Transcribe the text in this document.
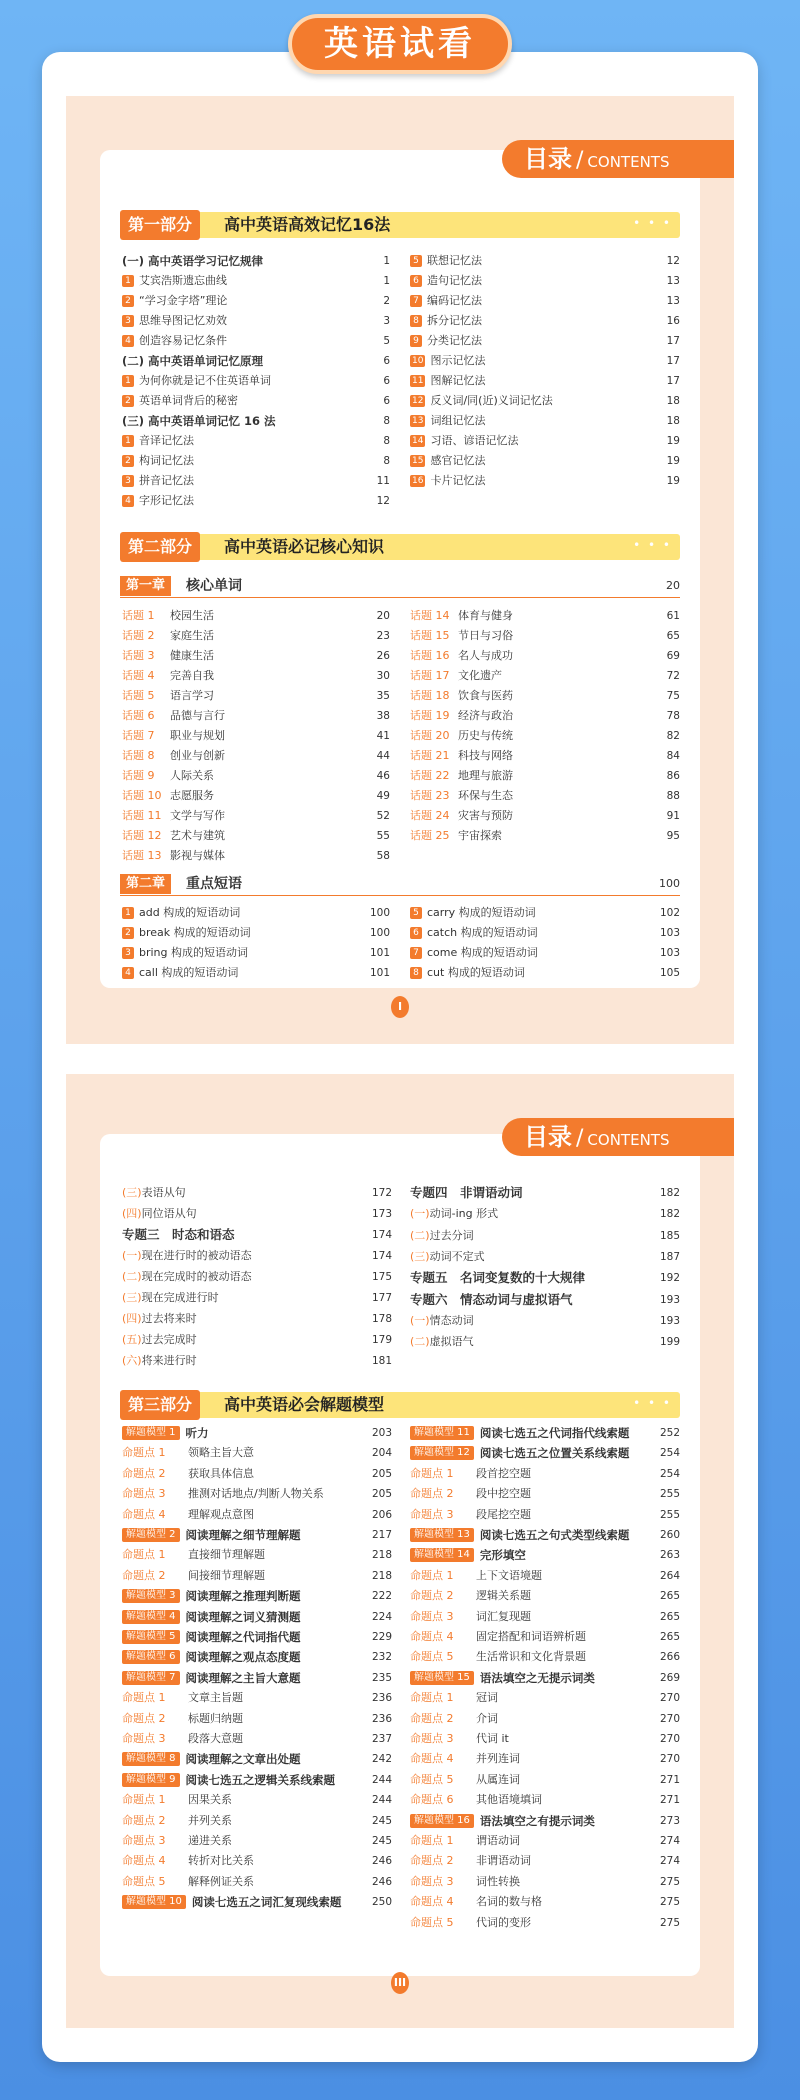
英语试看
目录 / CONTENTS
第一部分	高中英语高效记忆16法	• • •
(一) 高中英语学习记忆规律	1
1 艾宾浩斯遗忘曲线	1
2 “学习金字塔”理论	2
3 思维导图记忆劝效	3
4 创造容易记忆条件	5
(二) 高中英语单词记忆原理	6
1 为何你就是记不住英语单词	6
2 英语单词背后的秘密	6
(三) 高中英语单词记忆 16 法	8
1 音译记忆法	8
2 构词记忆法	8
3 拼音记忆法	11
4 字形记忆法	12
5 联想记忆法	12
6 造句记忆法	13
7 编码记忆法	13
8 拆分记忆法	16
9 分类记忆法	17
10 图示记忆法	17
11 图解记忆法	17
12 反义词/同(近)义词记忆法	18
13 词组记忆法	18
14 习语、谚语记忆法	19
15 感官记忆法	19
16 卡片记忆法	19
第二部分	高中英语必记核心知识	• • •
第一章	核心单词	20
话题 1	校园生活	20
话题 2	家庭生活	23
话题 3	健康生活	26
话题 4	完善自我	30
话题 5	语言学习	35
话题 6	品德与言行	38
话题 7	职业与规划	41
话题 8	创业与创新	44
话题 9	人际关系	46
话题 10 志愿服务	49
话题 11 文学与写作	52
话题 12 艺术与建筑	55
话题 13 影视与媒体	58
话题 14 体育与健身	61
话题 15 节日与习俗	65
话题 16 名人与成功	69
话题 17 文化遗产	72
话题 18 饮食与医药	75
话题 19 经济与政治	78
话题 20 历史与传统	82
话题 21 科技与网络	84
话题 22 地理与旅游	86
话题 23 环保与生态	88
话题 24 灾害与预防	91
话题 25 宇宙探索	95
第二章	重点短语	100
1 add 构成的短语动词	100
2 break 构成的短语动词	100
3 bring 构成的短语动词	101
4 call 构成的短语动词	101
5 carry 构成的短语动词	102
6 catch 构成的短语动词	103
7 come 构成的短语动词	103
8 cut 构成的短语动词	105
I
目录 / CONTENTS
(三) 表语从句	172
(四) 同位语从句	173
专题三　时态和语态	174
(一) 现在进行时的被动语态	174
(二) 现在完成时的被动语态	175
(三) 现在完成进行时	177
(四) 过去将来时	178
(五) 过去完成时	179
(六) 将来进行时	181
专题四　非谓语动词	182
(一) 动词-ing 形式	182
(二) 过去分词	185
(三) 动词不定式	187
专题五　名词变复数的十大规律	192
专题六　情态动词与虚拟语气	193
(一) 情态动词	193
(二) 虚拟语气	199
第三部分	高中英语必会解题模型	• • •
解题模型 1 听力	203
命题点 1	领略主旨大意	204
命题点 2	获取具体信息	205
命题点 3	推测对话地点/判断人物关系	205
命题点 4	理解观点意图	206
解题模型 2 阅读理解之细节理解题	217
命题点 1	直接细节理解题	218
命题点 2	间接细节理解题	218
解题模型 3 阅读理解之推理判断题	222
解题模型 4 阅读理解之词义猜测题	224
解题模型 5 阅读理解之代词指代题	229
解题模型 6 阅读理解之观点态度题	232
解题模型 7 阅读理解之主旨大意题	235
命题点 1	文章主旨题	236
命题点 2	标题归纳题	236
命题点 3	段落大意题	237
解题模型 8 阅读理解之文章出处题	242
解题模型 9 阅读七选五之逻辑关系线索题	244
命题点 1	因果关系	244
命题点 2	并列关系	245
命题点 3	递进关系	245
命题点 4	转折对比关系	246
命题点 5	解释例证关系	246
解题模型 10 阅读七选五之词汇复现线索题	250
解题模型 11 阅读七选五之代词指代线索题	252
解题模型 12 阅读七选五之位置关系线索题	254
命题点 1	段首挖空题	254
命题点 2	段中挖空题	255
命题点 3	段尾挖空题	255
解题模型 13 阅读七选五之句式类型线索题	260
解题模型 14 完形填空	263
命题点 1	上下文语境题	264
命题点 2	逻辑关系题	265
命题点 3	词汇复现题	265
命题点 4	固定搭配和词语辨析题	265
命题点 5	生活常识和文化背景题	266
解题模型 15 语法填空之无提示词类	269
命题点 1	冠词	270
命题点 2	介词	270
命题点 3	代词 it	270
命题点 4	并列连词	270
命题点 5	从属连词	271
命题点 6	其他语境填词	271
解题模型 16 语法填空之有提示词类	273
命题点 1	谓语动词	274
命题点 2	非谓语动词	274
命题点 3	词性转换	275
命题点 4	名词的数与格	275
命题点 5	代词的变形	275
III
